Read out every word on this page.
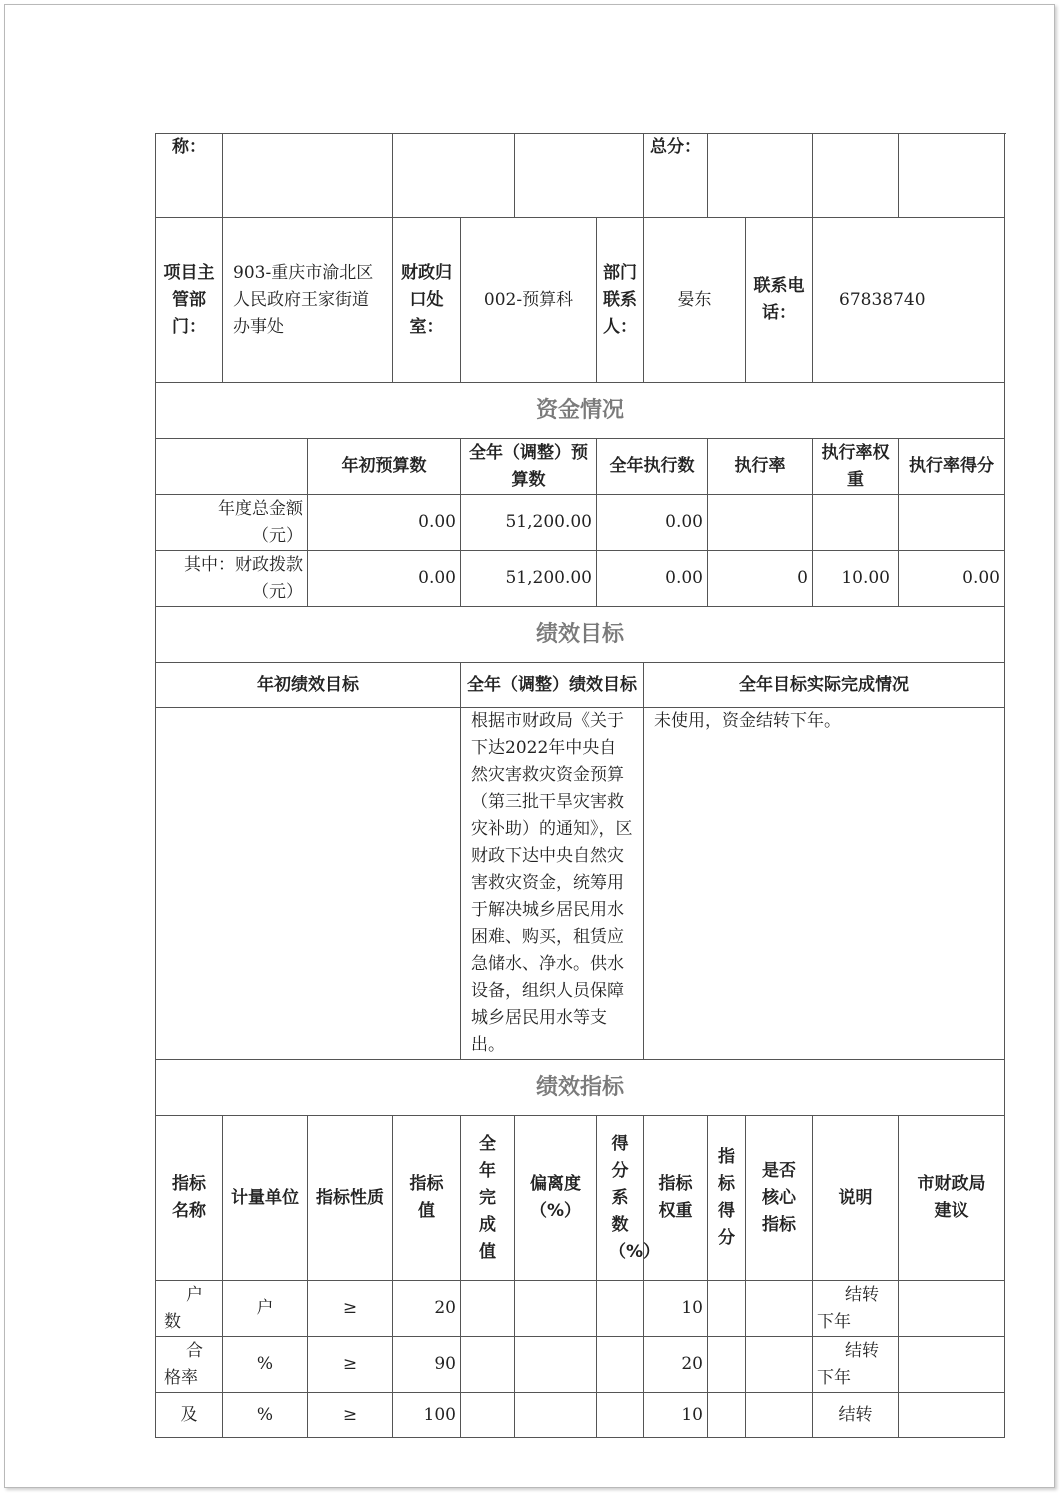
称：							总分：				
项目主管部门：	903-重庆市渝北区人民政府王家街道办事处		财政归口处室：	002-预算科		部门联系人：	晏东		联系电话：	67838740	
资金情况											
		年初预算数		全年（调整）预算数		全年执行数		执行率		执行率权重	执行率得分
年度总金额（元）		0.00		51,200.00		0.00					
其中：财政拨款（元）		0.00		51,200.00		0.00		0		10.00	0.00
绩效目标											
年初绩效目标				全年（调整）绩效目标			全年目标实际完成情况				
				根据市财政局《关于下达2022年中央自然灾害救灾资金预算（第三批干旱灾害救灾补助）的通知》，区财政下达中央自然灾害救灾资金，统筹用于解决城乡居民用水困难、购买，租赁应急储水、净水。供水设备，组织人员保障城乡居民用水等支出。			未使用，资金结转下年。				
绩效指标											
指标名称	计量单位	指标性质	指标值	全年完成值	偏离度（%）	得分系数（%）	指标权重	指标得分	是否核心指标	说明	市财政局建议
户数	户	≥	20				10			结转下年	
合格率	%	≥	90				20			结转下年	
及	%	≥	100				10			结转	
